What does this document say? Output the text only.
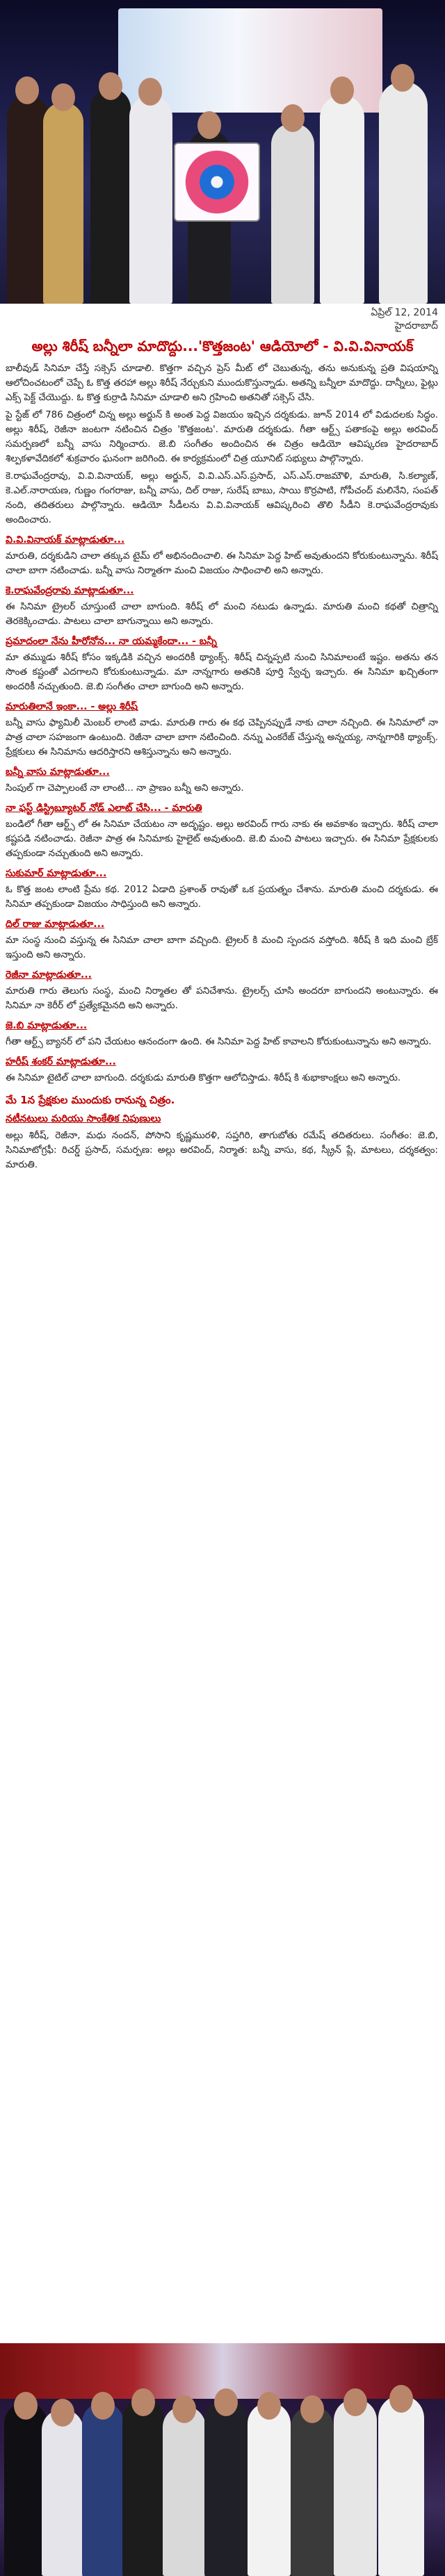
ఏప్రిల్ 12, 2014
హైదరాబాద్
అల్లు శిరీష్ బన్నీలా మాదొద్దు...'కొత్తజంట' ఆడియోలో - వి.వి.వినాయక్

బాలీవుడ్ సినిమా చేస్తే సక్సెస్ చూడాలి. కొత్తగా వచ్చిన ప్రెస్ మీట్ లో చెబుతున్న, తను అనుకున్న ప్రతి విషయాన్ని ఆలోచించటంలో చెప్పే ఓ కొత్త తరహా అల్లు శిరీష్ నేర్చుకుని ముందుకొస్తున్నాడు. అతన్ని బన్నీలా మాదొద్దు. దాన్నీలు, ఫైట్లు ఎక్స్ పెక్ట్ చేయొద్దు. ఓ కొత్త కుర్రాడి సినిమా చూడాలి అని గ్రహించి అతనితో సక్సెస్ చేసి.

పై స్టేజ్ లో 786 చిత్రంలో చిన్న అల్లు అర్జున్ కి అంత పెద్ద విజయం ఇచ్చిన దర్శకుడు. జూన్ 2014 లో విడుదలకు సిద్ధం. అల్లు శిరీష్, రెజీనా జంటగా నటించిన చిత్రం 'కొత్తజంట'. మారుతి దర్శకుడు. గీతా ఆర్ట్స్ పతాకంపై అల్లు అరవింద్ సమర్పణలో బన్నీ వాసు నిర్మించారు. జె.బి సంగీతం అందించిన ఈ చిత్రం ఆడియో ఆవిష్కరణ హైదరాబాద్ శిల్పకళావేదికలో శుక్రవారం ఘనంగా జరిగింది. ఈ కార్యక్రమంలో చిత్ర యూనిట్ సభ్యులు పాల్గొన్నారు.

కె.రాఘవేంద్రరావు, వి.వి.వినాయక్, అల్లు అర్జున్, వి.వి.ఎస్.ఎస్.ప్రసాద్, ఎస్.ఎస్.రాజమౌళి, మారుతి, సి.కల్యాణ్, కె.ఎల్.నారాయణ, గుణ్ణం గంగరాజు, బన్నీ వాసు, దిల్ రాజు, సురేష్ బాబు, సాయి కొర్రపాటి, గోపీచంద్ మలినేని, సంపత్ నంది, తదితరులు పాల్గొన్నారు. ఆడియో సీడీలను వి.వి.వినాయక్ ఆవిష్కరించి తొలి సీడీని కె.రాఘవేంద్రరావుకు అందించారు.

వి.వి.వినాయక్ మాట్లాడుతూ...

మారుతి, దర్శకుడిని చాలా తక్కువ టైమ్ లో అభినందించాలి. ఈ సినిమా పెద్ద హిట్ అవుతుందని కోరుకుంటున్నాను. శిరీష్ చాలా బాగా నటించాడు. బన్నీ వాసు నిర్మాతగా మంచి విజయం సాధించాలి అని అన్నారు.

కె.రాఘవేంద్రరావు మాట్లాడుతూ...

ఈ సినిమా ట్రైలర్ చూస్తుంటే చాలా బాగుంది. శిరీష్ లో మంచి నటుడు ఉన్నాడు. మారుతి మంచి కథతో చిత్రాన్ని తెరకెక్కించాడు. పాటలు చాలా బాగున్నాయి అని అన్నారు.

ప్రమాదంలా నేను హీరోనోన... నా యమ్మకేందా... - బన్నీ

మా తమ్ముడు శిరీష్ కోసం ఇక్కడికి వచ్చిన అందరికీ థ్యాంక్స్. శిరీష్ చిన్నప్పటి నుంచి సినిమాలంటే ఇష్టం. అతను తన సొంత కష్టంతో ఎదగాలని కోరుకుంటున్నాడు. మా నాన్నగారు అతనికి పూర్తి స్వేచ్ఛ ఇచ్చారు. ఈ సినిమా ఖచ్చితంగా అందరికీ నచ్చుతుంది. జె.బి సంగీతం చాలా బాగుంది అని అన్నారు.

మారుతిలానే ఇంకా... - అల్లు శిరీష్

బన్నీ వాసు ఫ్యామిలీ మెంబర్ లాంటి వాడు. మారుతి గారు ఈ కథ చెప్పినప్పుడే నాకు చాలా నచ్చింది. ఈ సినిమాలో నా పాత్ర చాలా సహజంగా ఉంటుంది. రెజీనా చాలా బాగా నటించింది. నన్ను ఎంకరేజ్ చేస్తున్న అన్నయ్య, నాన్నగారికి థ్యాంక్స్. ప్రేక్షకులు ఈ సినిమాను ఆదరిస్తారని ఆశిస్తున్నాను అని అన్నారు.

బన్నీ వాసు మాట్లాడుతూ...

సింపుల్ గా చెప్పాలంటే నా లాంటి... నా ప్రాణం బన్నీ అని అన్నారు.

నా ఫస్ట్ డిస్ట్రిబ్యూటర్ నోడ్ ఎలాట్ చేసి... - మారుతి

బండిలో గీతా ఆర్ట్స్ లో ఈ సినిమా చేయటం నా అదృష్టం. అల్లు అరవింద్ గారు నాకు ఈ అవకాశం ఇచ్చారు. శిరీష్ చాలా కష్టపడి నటించాడు. రెజీనా పాత్ర ఈ సినిమాకు హైలైట్ అవుతుంది. జె.బి మంచి పాటలు ఇచ్చారు. ఈ సినిమా ప్రేక్షకులకు తప్పకుండా నచ్చుతుంది అని అన్నారు.

సుకుమార్ మాట్లాడుతూ...

ఓ కొత్త జంట లాంటి ప్రేమ కథ. 2012 ఏడాది ప్రశాంత్ రావుతో ఒక ప్రయత్నం చేశాను. మారుతి మంచి దర్శకుడు. ఈ సినిమా తప్పకుండా విజయం సాధిస్తుంది అని అన్నారు.

దిల్ రాజు మాట్లాడుతూ...

మా సంస్థ నుంచి వస్తున్న ఈ సినిమా చాలా బాగా వచ్చింది. ట్రైలర్ కి మంచి స్పందన వస్తోంది. శిరీష్ కి ఇది మంచి బ్రేక్ ఇస్తుంది అని అన్నారు.

రెజీనా మాట్లాడుతూ...

మారుతి గారు తెలుగు సంస్థ, మంచి నిర్మాతల తో పనిచేశాను. ట్రైలర్స్ చూసి అందరూ బాగుందని అంటున్నారు. ఈ సినిమా నా కెరీర్ లో ప్రత్యేకమైనది అని అన్నారు.

జె.బి మాట్లాడుతూ...

గీతా ఆర్ట్స్ బ్యానర్ లో పని చేయటం ఆనందంగా ఉంది. ఈ సినిమా పెద్ద హిట్ కావాలని కోరుకుంటున్నాను అని అన్నారు.

హరీష్ శంకర్ మాట్లాడుతూ...

ఈ సినిమా టైటిల్ చాలా బాగుంది. దర్శకుడు మారుతి కొత్తగా ఆలోచిస్తాడు. శిరీష్ కి శుభాకాంక్షలు అని అన్నారు.

మే 1న ప్రేక్షకుల ముందుకు రానున్న చిత్రం.
నటీనటులు మరియు సాంకేతిక నిపుణులు

అల్లు శిరీష్, రెజీనా, మధు నందన్, పోసాని కృష్ణమురళి, సప్తగిరి, తాగుబోతు రమేష్ తదితరులు. సంగీతం: జె.బి, సినిమాటోగ్రఫీ: రిచర్డ్ ప్రసాద్, సమర్పణ: అల్లు అరవింద్, నిర్మాత: బన్నీ వాసు, కథ, స్క్రీన్ ప్లే, మాటలు, దర్శకత్వం: మారుతి.
